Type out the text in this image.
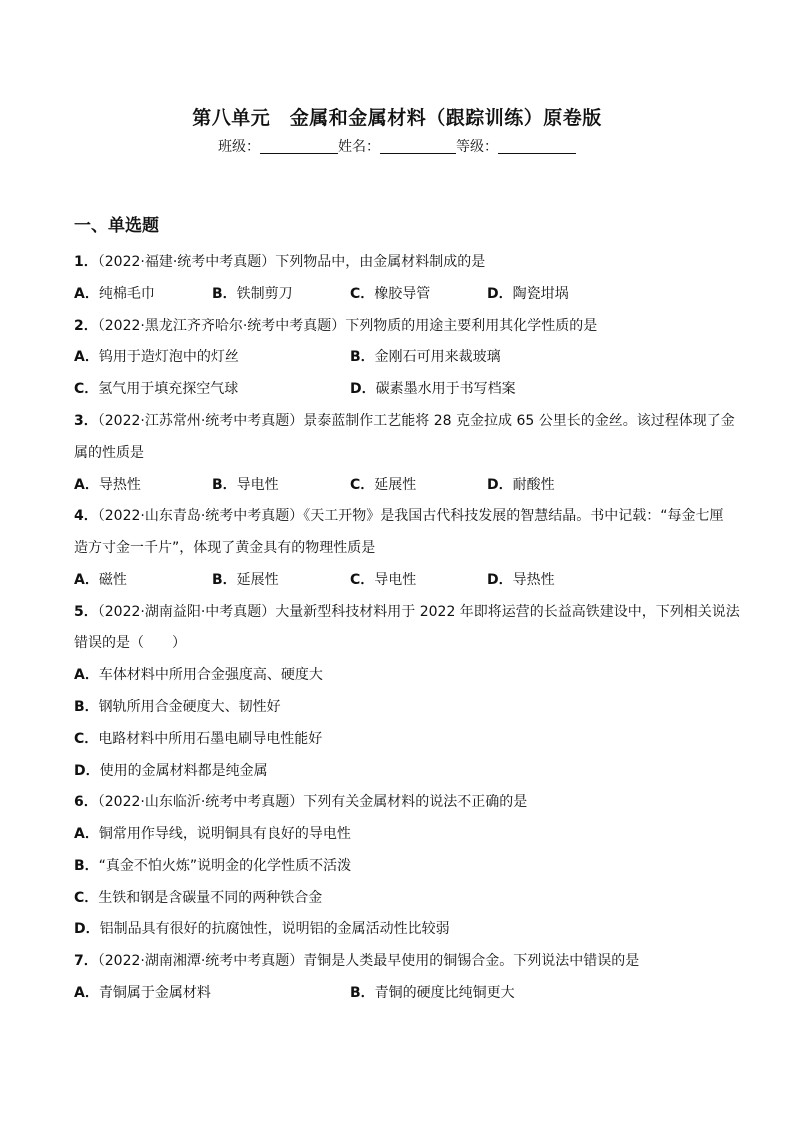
第八单元　金属和金属材料（跟踪训练）原卷版
班级：	姓名：	等级：
一、单选题
1．（2022·福建·统考中考真题）下列物品中，由金属材料制成的是
A．纯棉毛巾	B．铁制剪刀	C．橡胶导管	D．陶瓷坩埚
2．（2022·黑龙江齐齐哈尔·统考中考真题）下列物质的用途主要利用其化学性质的是
A．钨用于造灯泡中的灯丝	B．金刚石可用来裁玻璃
C．氢气用于填充探空气球	D．碳素墨水用于书写档案
3．（2022·江苏常州·统考中考真题）景泰蓝制作工艺能将 28 克金拉成 65 公里长的金丝。该过程体现了金
属的性质是
A．导热性	B．导电性	C．延展性	D．耐酸性
4．（2022·山东青岛·统考中考真题）《天工开物》是我国古代科技发展的智慧结晶。书中记载：“每金七厘
造方寸金一千片”，体现了黄金具有的物理性质是
A．磁性	B．延展性	C．导电性	D．导热性
5．（2022·湖南益阳·中考真题）大量新型科技材料用于 2022 年即将运营的长益高铁建设中，下列相关说法
错误的是（　　）
A．车体材料中所用合金强度高、硬度大
B．钢轨所用合金硬度大、韧性好
C．电路材料中所用石墨电刷导电性能好
D．使用的金属材料都是纯金属
6．（2022·山东临沂·统考中考真题）下列有关金属材料的说法不正确的是
A．铜常用作导线，说明铜具有良好的导电性
B．“真金不怕火炼”说明金的化学性质不活泼
C．生铁和钢是含碳量不同的两种铁合金
D．铝制品具有很好的抗腐蚀性，说明铝的金属活动性比较弱
7．（2022·湖南湘潭·统考中考真题）青铜是人类最早使用的铜锡合金。下列说法中错误的是
A．青铜属于金属材料	B．青铜的硬度比纯铜更大
